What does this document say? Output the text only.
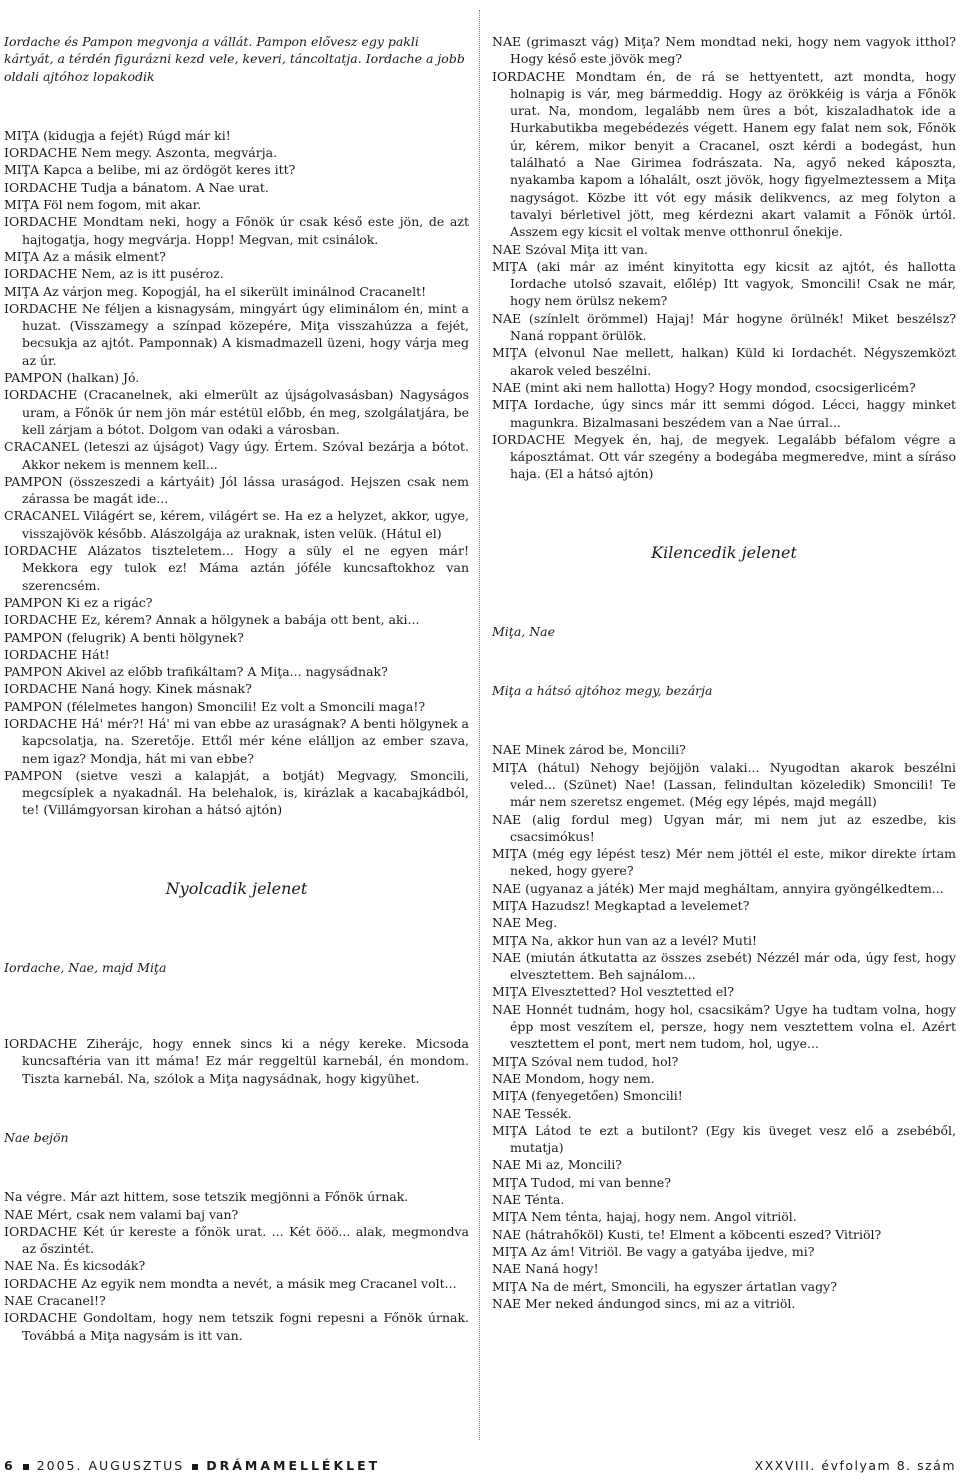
Iordache és Pampon megvonja a vállát. Pampon elővesz egy pakli kártyát, a térdén figurázni kezd vele, keveri, táncoltatja. Iordache a jobb oldali ajtóhoz lopakodik

MIŢA (kidugja a fejét) Rúgd már ki!

IORDACHE Nem megy. Aszonta, megvárja.

MIŢA Kapca a belibe, mi az ördögöt keres itt?

IORDACHE Tudja a bánatom. A Nae urat.

MIŢA Föl nem fogom, mit akar.

IORDACHE Mondtam neki, hogy a Főnök úr csak késő este jön, de azt hajtogatja, hogy megvárja. Hopp! Megvan, mit csinálok.

MIŢA Az a másik elment?

IORDACHE Nem, az is itt puséroz.

MIŢA Az várjon meg. Kopogjál, ha el sikerült iminálnod Cracanelt!

IORDACHE Ne féljen a kisnagysám, mingyárt úgy eliminálom én, mint a huzat. (Visszamegy a színpad közepére, Miţa visszahúzza a fejét, becsukja az ajtót. Pamponnak) A kismadmazell üzeni, hogy várja meg az úr.

PAMPON (halkan) Jó.

IORDACHE (Cracanelnek, aki elmerült az újságolvasásban) Nagyságos uram, a Főnök úr nem jön már estétül előbb, én meg, szolgálatjára, be kell zárjam a bótot. Dolgom van odaki a városban.

CRACANEL (leteszi az újságot) Vagy úgy. Értem. Szóval bezárja a bótot. Akkor nekem is mennem kell...

PAMPON (összeszedi a kártyáit) Jól lássa uraságod. Hejszen csak nem zárassa be magát ide...

CRACANEL Világért se, kérem, világért se. Ha ez a helyzet, akkor, ugye, visszajövök később. Alászolgája az uraknak, isten velük. (Hátul el)

IORDACHE Alázatos tiszteletem... Hogy a süly el ne egyen már! Mekkora egy tulok ez! Máma aztán jóféle kuncsaftokhoz van szerencsém.

PAMPON Ki ez a rigác?

IORDACHE Ez, kérem? Annak a hölgynek a babája ott bent, aki...

PAMPON (felugrik) A benti hölgynek?

IORDACHE Hát!

PAMPON Akivel az előbb trafikáltam? A Miţa... nagysádnak?

IORDACHE Naná hogy. Kinek másnak?

PAMPON (félelmetes hangon) Smoncili! Ez volt a Smoncili maga!?

IORDACHE Há' mér?! Há' mi van ebbe az uraságnak? A benti hölgynek a kapcsolatja, na. Szeretője. Ettől mér kéne elálljon az ember szava, nem igaz? Mondja, hát mi van ebbe?

PAMPON (sietve veszi a kalapját, a botját) Megvagy, Smoncili, megcsíplek a nyakadnál. Ha belehalok, is, kirázlak a kacabajkádból, te! (Villámgyorsan kirohan a hátsó ajtón)

Nyolcadik jelenet

Iordache, Nae, majd Miţa

IORDACHE Ziherájc, hogy ennek sincs ki a négy kereke. Micsoda kuncsaftéria van itt máma! Ez már reggeltül karnebál, én mondom. Tiszta karnebál. Na, szólok a Miţa nagysádnak, hogy kigyühet.

Nae bejön

Na végre. Már azt hittem, sose tetszik megjönni a Főnök úrnak.

NAE Mért, csak nem valami baj van?

IORDACHE Két úr kereste a főnök urat. ... Két ööö... alak, megmondva az őszintét.

NAE Na. És kicsodák?

IORDACHE Az egyik nem mondta a nevét, a másik meg Cracanel volt...

NAE Cracanel!?

IORDACHE Gondoltam, hogy nem tetszik fogni repesni a Főnök úrnak. Továbbá a Miţa nagysám is itt van.

NAE (grimaszt vág) Miţa? Nem mondtad neki, hogy nem vagyok itthol? Hogy késő este jövök meg?

IORDACHE Mondtam én, de rá se hettyentett, azt mondta, hogy holnapig is vár, meg bármeddig. Hogy az örökkéig is várja a Főnök urat. Na, mondom, legalább nem üres a bót, kiszaladhatok ide a Hurkabutikba megebédezés végett. Hanem egy falat nem sok, Főnök úr, kérem, mikor benyit a Cracanel, oszt kérdi a bodegást, hun található a Nae Girimea fodrászata. Na, agyő neked káposzta, nyakamba kapom a lóhalált, oszt jövök, hogy figyelmeztessem a Miţa nagyságot. Közbe itt vót egy másik delikvencs, az meg folyton a tavalyi bérletivel jött, meg kérdezni akart valamit a Főnök úrtól. Asszem egy kicsit el voltak menve otthonrul őnekije.

NAE Szóval Miţa itt van.

MIŢA (aki már az imént kinyitotta egy kicsit az ajtót, és hallotta Iordache utolsó szavait, előlép) Itt vagyok, Smoncili! Csak ne már, hogy nem örülsz nekem?

NAE (színlelt örömmel) Hajaj! Már hogyne örülnék! Miket beszélsz? Naná roppant örülök.

MIŢA (elvonul Nae mellett, halkan) Küld ki Iordachét. Négyszemközt akarok veled beszélni.

NAE (mint aki nem hallotta) Hogy? Hogy mondod, csocsigerlicém?

MIŢA Iordache, úgy sincs már itt semmi dógod. Lécci, haggy minket magunkra. Bizalmasani beszédem van a Nae úrral...

IORDACHE Megyek én, haj, de megyek. Legalább béfalom végre a káposztámat. Ott vár szegény a bodegába megmeredve, mint a síráso haja. (El a hátsó ajtón)

Kilencedik jelenet

Miţa, Nae

Miţa a hátsó ajtóhoz megy, bezárja

NAE Minek zárod be, Moncili?

MIŢA (hátul) Nehogy bejöjjön valaki... Nyugodtan akarok beszélni veled... (Szünet) Nae! (Lassan, felindultan közeledik) Smoncili! Te már nem szeretsz engemet. (Még egy lépés, majd megáll)

NAE (alig fordul meg) Ugyan már, mi nem jut az eszedbe, kis csacsimókus!

MIŢA (még egy lépést tesz) Mér nem jöttél el este, mikor direkte írtam neked, hogy gyere?

NAE (ugyanaz a játék) Mer majd megháltam, annyira gyöngélkedtem...

MIŢA Hazudsz! Megkaptad a levelemet?

NAE Meg.

MIŢA Na, akkor hun van az a levél? Muti!

NAE (miután átkutatta az összes zsebét) Nézzél már oda, úgy fest, hogy elvesztettem. Beh sajnálom...

MIŢA Elvesztetted? Hol vesztetted el?

NAE Honnét tudnám, hogy hol, csacsikám? Ugye ha tudtam volna, hogy épp most veszítem el, persze, hogy nem vesztettem volna el. Azért vesztettem el pont, mert nem tudom, hol, ugye...

MIŢA Szóval nem tudod, hol?

NAE Mondom, hogy nem.

MIŢA (fenyegetően) Smoncili!

NAE Tessék.

MIŢA Látod te ezt a butilont? (Egy kis üveget vesz elő a zsebéből, mutatja)

NAE Mi az, Moncili?

MIŢA Tudod, mi van benne?

NAE Ténta.

MIŢA Nem ténta, hajaj, hogy nem. Angol vitriöl.

NAE (hátrahőköl) Kusti, te! Elment a köbcenti eszed? Vitriöl?

MIŢA Az ám! Vitriöl. Be vagy a gatyába ijedve, mi?

NAE Naná hogy!

MIŢA Na de mért, Smoncili, ha egyszer ártatlan vagy?

NAE Mer neked ándungod sincs, mi az a vitriöl.

6 2005. AUGUSZTUS DRÁMAMELLÉKLET	XXXVIII. évfolyam 8. szám
